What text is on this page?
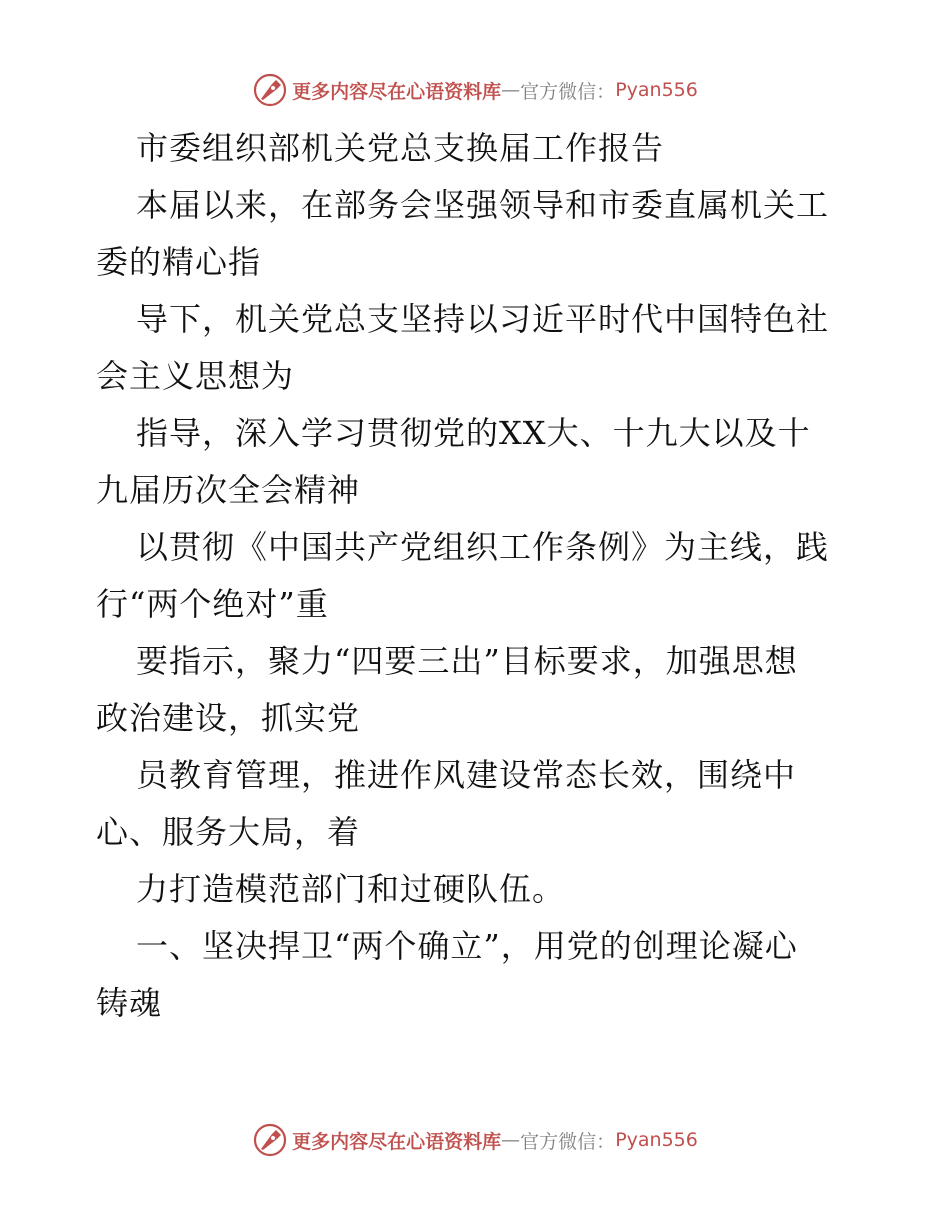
更多内容尽在心语资料库 — 官方微信： Pyan556
市委组织部机关党总支换届工作报告
本届以来，在部务会坚强领导和市委直属机关工
委的精心指
导下，机关党总支坚持以习近平时代中国特色社
会主义思想为
指导，深入学习贯彻党的XX大、十九大以及十
九届历次全会精神
以贯彻《中国共产党组织工作条例》为主线，践
行“两个绝对”重
要指示，聚力“四要三出”目标要求，加强思想
政治建设，抓实党
员教育管理，推进作风建设常态长效，围绕中
心、服务大局，着
力打造模范部门和过硬队伍。
一、坚决捍卫“两个确立”，用党的创理论凝心
铸魂
更多内容尽在心语资料库 — 官方微信： Pyan556
